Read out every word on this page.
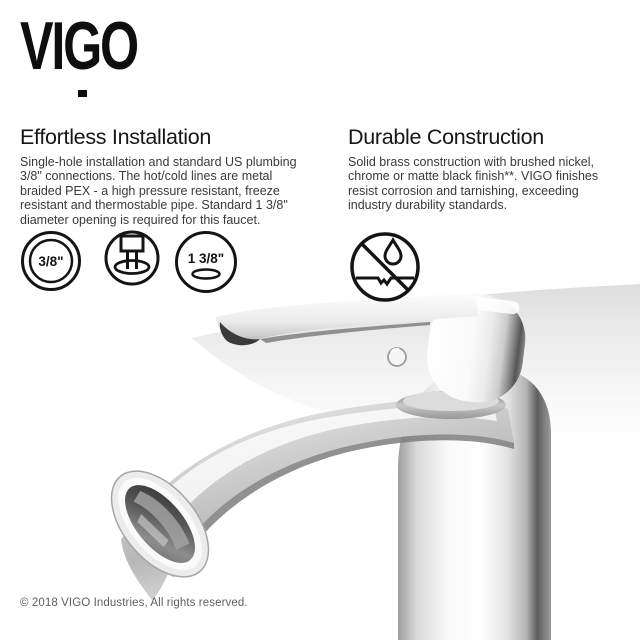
VIGO
Effortless Installation
Single-hole installation and standard US plumbing
3/8" connections. The hot/cold lines are metal
braided PEX - a high pressure resistant, freeze
resistant and thermostable pipe. Standard 1 3/8"
diameter opening is required for this faucet.
Durable Construction
Solid brass construction with brushed nickel,
chrome or matte black finish**. VIGO finishes
resist corrosion and tarnishing, exceeding
industry durability standards.
3/8"	1 3/8"
© 2018 VIGO Industries, All rights reserved.
